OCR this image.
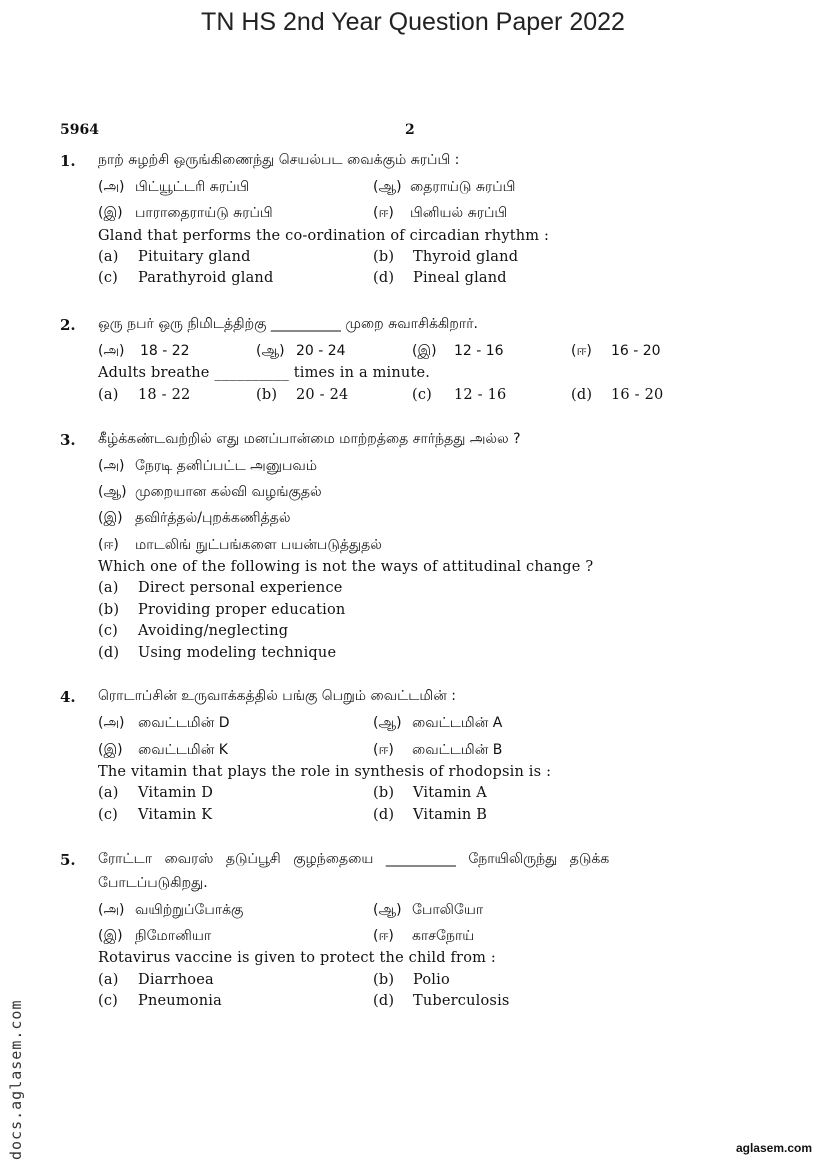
TN HS 2nd Year Question Paper 2022
5964	2
1. நாற் சுழற்சி ஒருங்கிணைந்து செயல்பட வைக்கும் சுரப்பி :
(அ) பிட்யூட்டரி சுரப்பி	(ஆ) தைராய்டு சுரப்பி
(இ) பாராதைராய்டு சுரப்பி	(ஈ) பினியல் சுரப்பி
Gland that performs the co-ordination of circadian rhythm :
(a) Pituitary gland	(b) Thyroid gland
(c) Parathyroid gland	(d) Pineal gland
2. ஒரு நபர் ஒரு நிமிடத்திற்கு __________ முறை சுவாசிக்கிறார்.
(அ) 18 - 22	(ஆ) 20 - 24	(இ) 12 - 16	(ஈ) 16 - 20
Adults breathe __________ times in a minute.
(a) 18 - 22	(b) 20 - 24	(c) 12 - 16	(d) 16 - 20
3. கீழ்க்கண்டவற்றில் எது மனப்பான்மை மாற்றத்தை சார்ந்தது அல்ல ?
(அ) நேரடி தனிப்பட்ட அனுபவம்
(ஆ) முறையான கல்வி வழங்குதல்
(இ) தவிர்த்தல்/புறக்கணித்தல்
(ஈ) மாடலிங் நுட்பங்களை பயன்படுத்துதல்
Which one of the following is not the ways of attitudinal change ?
(a) Direct personal experience
(b) Providing proper education
(c) Avoiding/neglecting
(d) Using modeling technique
4. ரொடாப்சின் உருவாக்கத்தில் பங்கு பெறும் வைட்டமின் :
(அ) வைட்டமின் D	(ஆ) வைட்டமின் A
(இ) வைட்டமின் K	(ஈ) வைட்டமின் B
The vitamin that plays the role in synthesis of rhodopsin is :
(a) Vitamin D	(b) Vitamin A
(c) Vitamin K	(d) Vitamin B
5. ரோட்டா வைரஸ் தடுப்பூசி குழந்தையை __________ நோயிலிருந்து தடுக்க
போடப்படுகிறது.
(அ) வயிற்றுப்போக்கு	(ஆ) போலியோ
(இ) நிமோனியா	(ஈ) காசநோய்
Rotavirus vaccine is given to protect the child from :
(a) Diarrhoea	(b) Polio
(c) Pneumonia	(d) Tuberculosis
docs.aglasem.com	aglasem.com
